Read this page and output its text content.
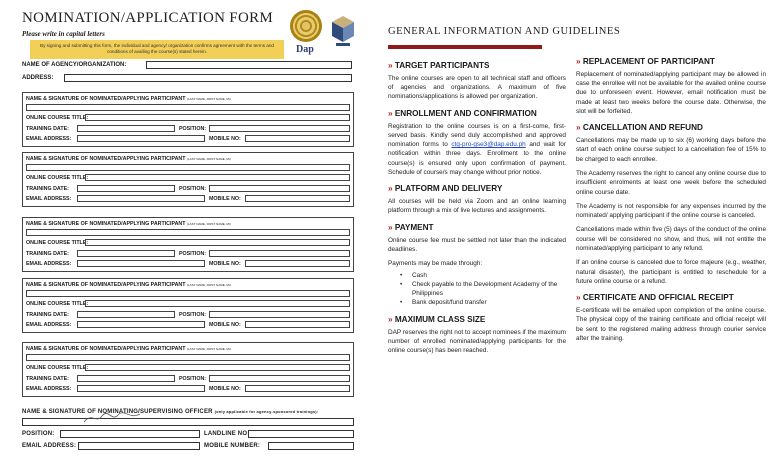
NOMINATION/APPLICATION FORM
Please write in capital letters
By signing and submitting this form, the individual and agency/ organization confirms agreement with the terms and conditions of availing the course(s) stated herein.	Dap
NAME OF AGENCY/ORGANIZATION:
ADDRESS:
NAME & SIGNATURE OF NOMINATED/APPLYING PARTICIPANT (LAST NAME, FIRST NAME, MI)
ONLINE COURSE TITLE:
TRAINING DATE:	POSITION:
EMAIL ADDRESS:	MOBILE NO:
NAME & SIGNATURE OF NOMINATED/APPLYING PARTICIPANT (LAST NAME, FIRST NAME, MI)
ONLINE COURSE TITLE:
TRAINING DATE:	POSITION:
EMAIL ADDRESS:	MOBILE NO:
NAME & SIGNATURE OF NOMINATED/APPLYING PARTICIPANT (LAST NAME, FIRST NAME, MI)
ONLINE COURSE TITLE:
TRAINING DATE:	POSITION:
EMAIL ADDRESS:	MOBILE NO:
NAME & SIGNATURE OF NOMINATED/APPLYING PARTICIPANT (LAST NAME, FIRST NAME, MI)
ONLINE COURSE TITLE:
TRAINING DATE:	POSITION:
EMAIL ADDRESS:	MOBILE NO:
NAME & SIGNATURE OF NOMINATED/APPLYING PARTICIPANT (LAST NAME, FIRST NAME, MI)
ONLINE COURSE TITLE:
TRAINING DATE:	POSITION:
EMAIL ADDRESS:	MOBILE NO:
NAME & SIGNATURE OF NOMINATING/SUPERVISING OFFICER (only applicable for agency-sponsored trainings):
POSITION:	LANDLINE NO:
EMAIL ADDRESS:	MOBILE NUMBER:
GENERAL INFORMATION AND GUIDELINES
» TARGET PARTICIPANTS

The online courses are open to all technical staff and officers of agencies and organizations. A maximum of five nominations/applications is allowed per organization.

» ENROLLMENT AND CONFIRMATION

Registration to the online courses is on a first-come, first-served basis. Kindly send duly accomplished and approved nomination forms to ctg-pro-gse3@dap.edu.ph and wait for notification within three days. Enrollment to the online course(s) is ensured only upon confirmation of payment. Schedule of course/s may change without prior notice.

» PLATFORM AND DELIVERY

All courses will be held via Zoom and an online learning platform through a mix of live lectures and assignments.

» PAYMENT

Online course fee must be settled not later than the indicated deadlines.

Payments may be made through:

• Cash
• Check payable to the Development Academy of the Philippines
• Bank deposit/fund transfer
» MAXIMUM CLASS SIZE

DAP reserves the right not to accept nominees if the maximum number of enrolled nominated/applying participants for the online course(s) has been reached.

» REPLACEMENT OF PARTICIPANT

Replacement of nominated/applying participant may be allowed in case the enrollee will not be available for the availed online course due to unforeseen event. However, email notification must be made at least two weeks before the course date. Otherwise, the slot will be forfeited.

» CANCELLATION AND REFUND

Cancellations may be made up to six (6) working days before the start of each online course subject to a cancellation fee of 15% to be charged to each enrollee.

The Academy reserves the right to cancel any online course due to insufficient enrolments at least one week before the scheduled online course date.

The Academy is not responsible for any expenses incurred by the nominated/ applying participant if the online course is canceled.

Cancellations made within five (5) days of the conduct of the online course will be considered no show, and thus, will not entitle the nominated/applying participant to any refund.

If an online course is canceled due to force majeure (e.g., weather, natural disaster), the participant is entitled to reschedule for a future online course or a refund.

» CERTIFICATE AND OFFICIAL RECEIPT

E-certificate will be emailed upon completion of the online course. The physical copy of the training certificate and official receipt will be sent to the registered mailing address through courier service after the training.
